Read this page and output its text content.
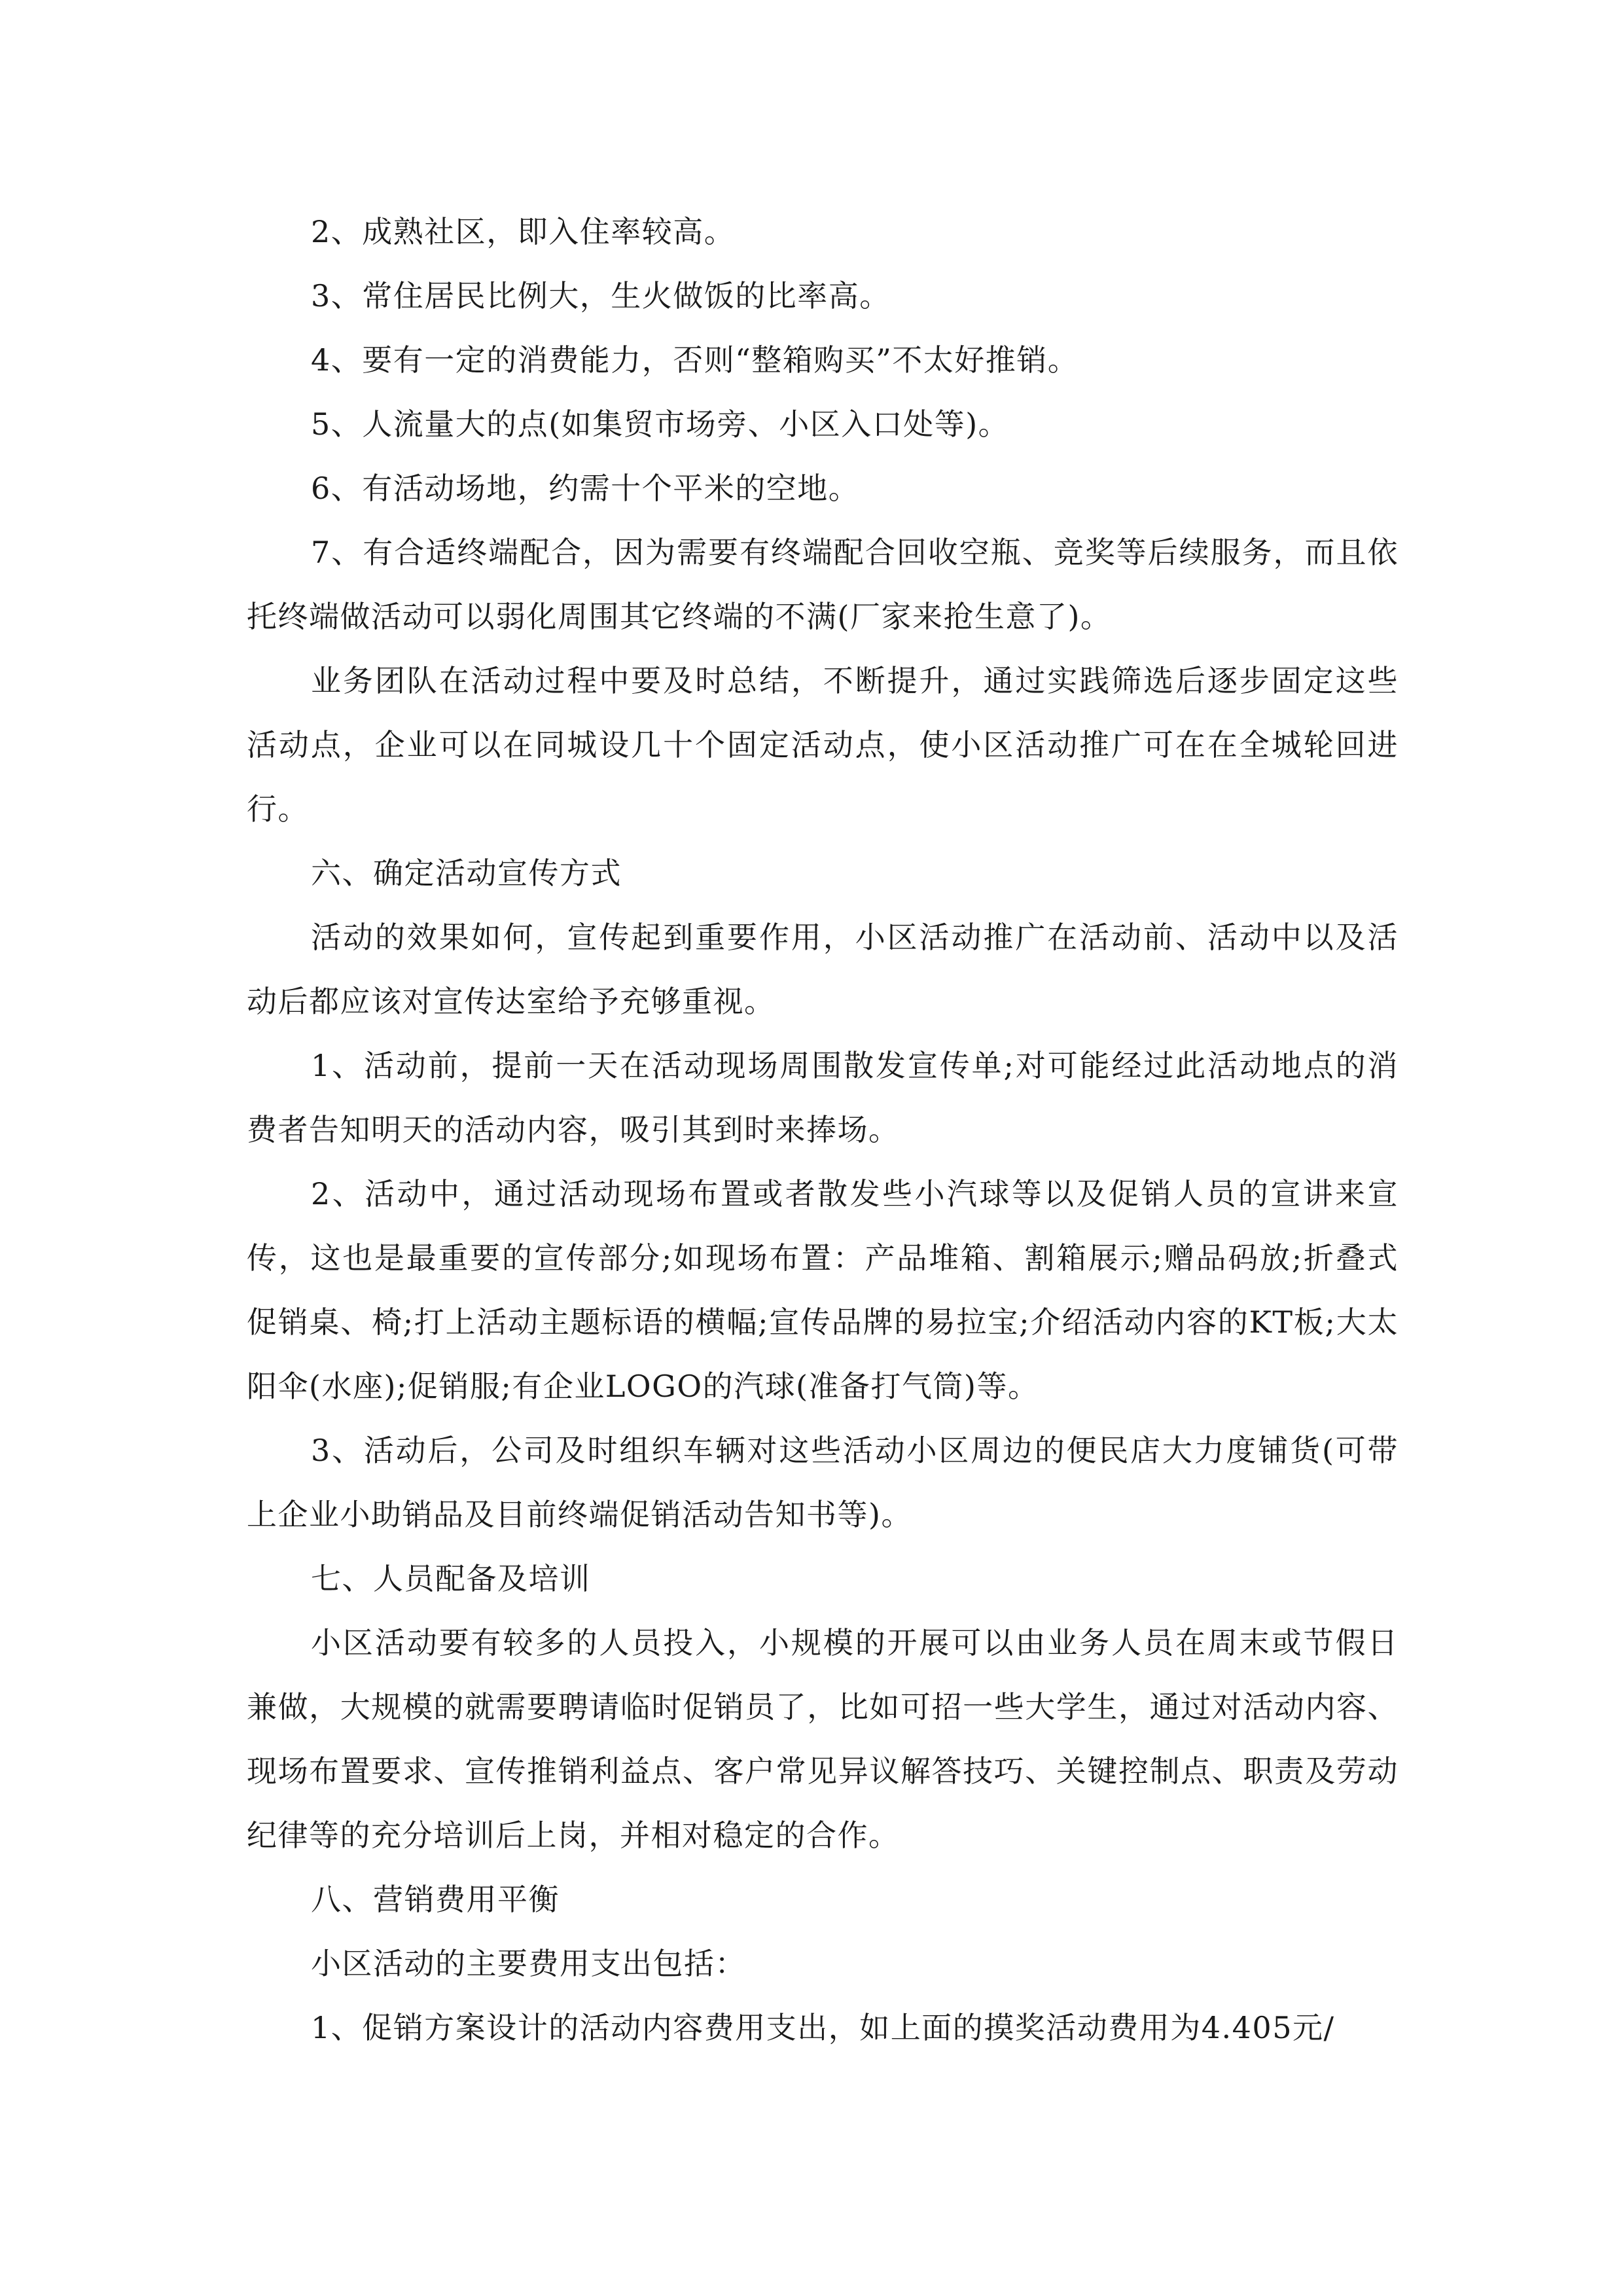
2、成熟社区，即入住率较高。

3、常住居民比例大，生火做饭的比率高。

4、要有一定的消费能力，否则“整箱购买”不太好推销。

5、人流量大的点(如集贸市场旁、小区入口处等)。

6、有活动场地，约需十个平米的空地。

7、有合适终端配合，因为需要有终端配合回收空瓶、竞奖等后续服务，而且依托终端做活动可以弱化周围其它终端的不满(厂家来抢生意了)。

业务团队在活动过程中要及时总结，不断提升，通过实践筛选后逐步固定这些活动点，企业可以在同城设几十个固定活动点，使小区活动推广可在在全城轮回进行。

六、确定活动宣传方式

活动的效果如何，宣传起到重要作用，小区活动推广在活动前、活动中以及活动后都应该对宣传达室给予充够重视。

1、活动前，提前一天在活动现场周围散发宣传单;对可能经过此活动地点的消费者告知明天的活动内容，吸引其到时来捧场。

2、活动中，通过活动现场布置或者散发些小汽球等以及促销人员的宣讲来宣传，这也是最重要的宣传部分;如现场布置：产品堆箱、割箱展示;赠品码放;折叠式促销桌、椅;打上活动主题标语的横幅;宣传品牌的易拉宝;介绍活动内容的KT板;大太阳伞(水座);促销服;有企业LOGO的汽球(准备打气筒)等。

3、活动后，公司及时组织车辆对这些活动小区周边的便民店大力度铺货(可带上企业小助销品及目前终端促销活动告知书等)。

七、人员配备及培训

小区活动要有较多的人员投入，小规模的开展可以由业务人员在周末或节假日兼做，大规模的就需要聘请临时促销员了，比如可招一些大学生，通过对活动内容、现场布置要求、宣传推销利益点、客户常见异议解答技巧、关键控制点、职责及劳动纪律等的充分培训后上岗，并相对稳定的合作。

八、营销费用平衡

小区活动的主要费用支出包括：

1、促销方案设计的活动内容费用支出，如上面的摸奖活动费用为4.405元/
